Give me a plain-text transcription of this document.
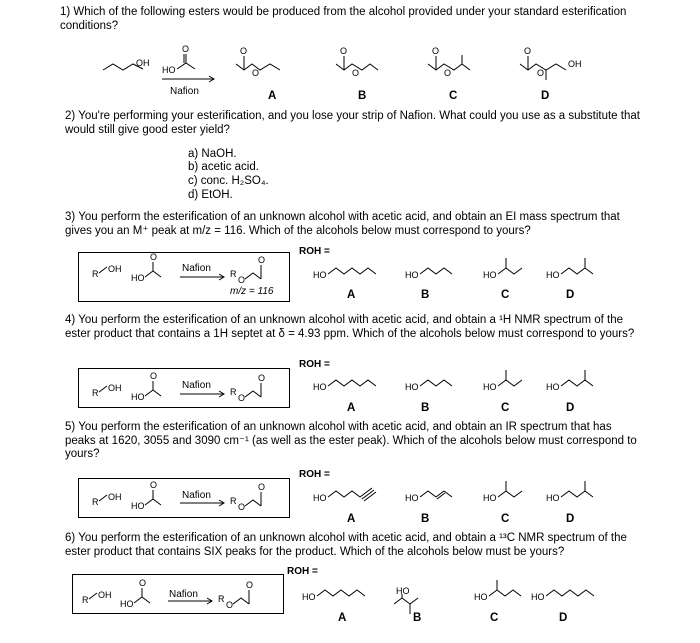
1) Which of the following esters would be produced from the alcohol provided under your standard esterification conditions?
2) You're performing your esterification, and you lose your strip of Nafion. What could you use as a substitute that would still give good ester yield?
a) NaOH.
b) acetic acid.
c) conc. H₂SO₄.
d) EtOH.
3) You perform the esterification of an unknown alcohol with acetic acid, and obtain an EI mass spectrum that gives you an M⁺ peak at m/z = 116. Which of the alcohols below must correspond to yours?
4) You perform the esterification of an unknown alcohol with acetic acid, and obtain a ¹H NMR spectrum of the ester product that contains a 1H septet at δ = 4.93 ppm. Which of the alcohols below must correspond to yours?
5) You perform the esterification of an unknown alcohol with acetic acid, and obtain an IR spectrum that has peaks at 1620, 3055 and 3090 cm⁻¹ (as well as the ester peak). Which of the alcohols below must correspond to yours?
6) You perform the esterification of an unknown alcohol with acetic acid, and obtain a ¹³C NMR spectrum of the ester product that contains SIX peaks for the product. Which of the alcohols below must be yours?
Nafion	A	B	C	D
ROH =
Nafion
m/z = 116	A	B	C	D
ROH =
Nafion
A	B	C	D
ROH =
Nafion
A	B	C	D
ROH =
Nafion
A	B	C	D
OH
HO
O	O
O
O
O
O
O
O
O
OH
R OH
HO
O
R
O
O
HO	HO	HO	HO
R OH
HO
O
R
O
O
HO	HO	HO	HO
R OH
HO
O
R
O
O
HO	HO	HO	HO
R OH
HO
O
R
O
O
HO
HO
HO	HO
